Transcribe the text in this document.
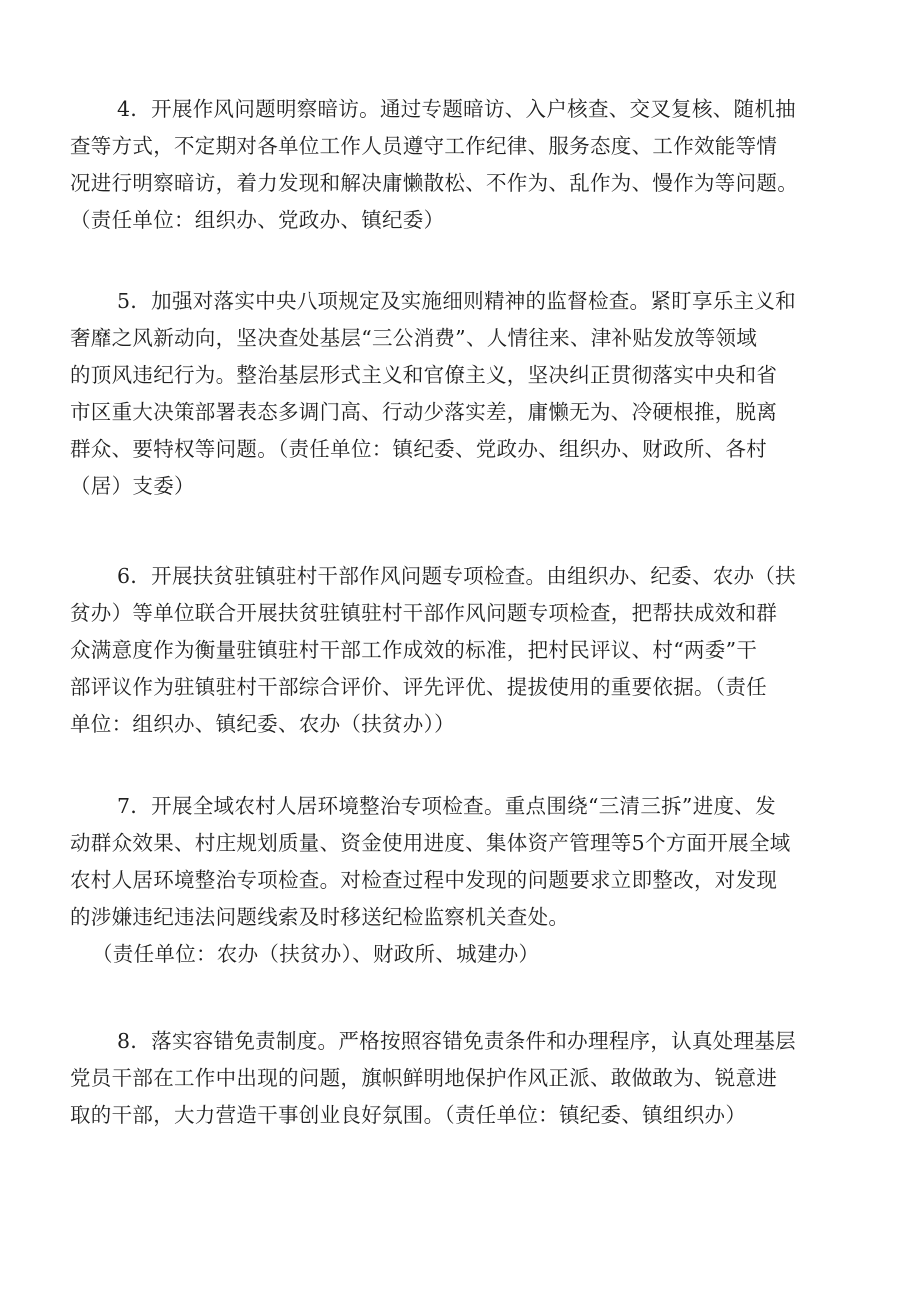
4．开展作风问题明察暗访。通过专题暗访、入户核查、交叉复核、随机抽
查等方式，不定期对各单位工作人员遵守工作纪律、服务态度、工作效能等情
况进行明察暗访，着力发现和解决庸懒散松、不作为、乱作为、慢作为等问题。
（责任单位：组织办、党政办、镇纪委）
5．加强对落实中央八项规定及实施细则精神的监督检查。紧盯享乐主义和
奢靡之风新动向，坚决查处基层“三公消费”、人情往来、津补贴发放等领域
的顶风违纪行为。整治基层形式主义和官僚主义，坚决纠正贯彻落实中央和省
市区重大决策部署表态多调门高、行动少落实差，庸懒无为、冷硬根推，脱离
群众、要特权等问题。（责任单位：镇纪委、党政办、组织办、财政所、各村
（居）支委）
6．开展扶贫驻镇驻村干部作风问题专项检查。由组织办、纪委、农办（扶
贫办）等单位联合开展扶贫驻镇驻村干部作风问题专项检查，把帮扶成效和群
众满意度作为衡量驻镇驻村干部工作成效的标准，把村民评议、村“两委”干
部评议作为驻镇驻村干部综合评价、评先评优、提拔使用的重要依据。（责任
单位：组织办、镇纪委、农办（扶贫办））
7．开展全域农村人居环境整治专项检查。重点围绕“三清三拆”进度、发
动群众效果、村庄规划质量、资金使用进度、集体资产管理等5个方面开展全域
农村人居环境整治专项检查。对检查过程中发现的问题要求立即整改，对发现
的涉嫌违纪违法问题线索及时移送纪检监察机关查处。
（责任单位：农办（扶贫办）、财政所、城建办）
8．落实容错免责制度。严格按照容错免责条件和办理程序，认真处理基层
党员干部在工作中出现的问题，旗帜鲜明地保护作风正派、敢做敢为、锐意进
取的干部，大力营造干事创业良好氛围。（责任单位：镇纪委、镇组织办）
